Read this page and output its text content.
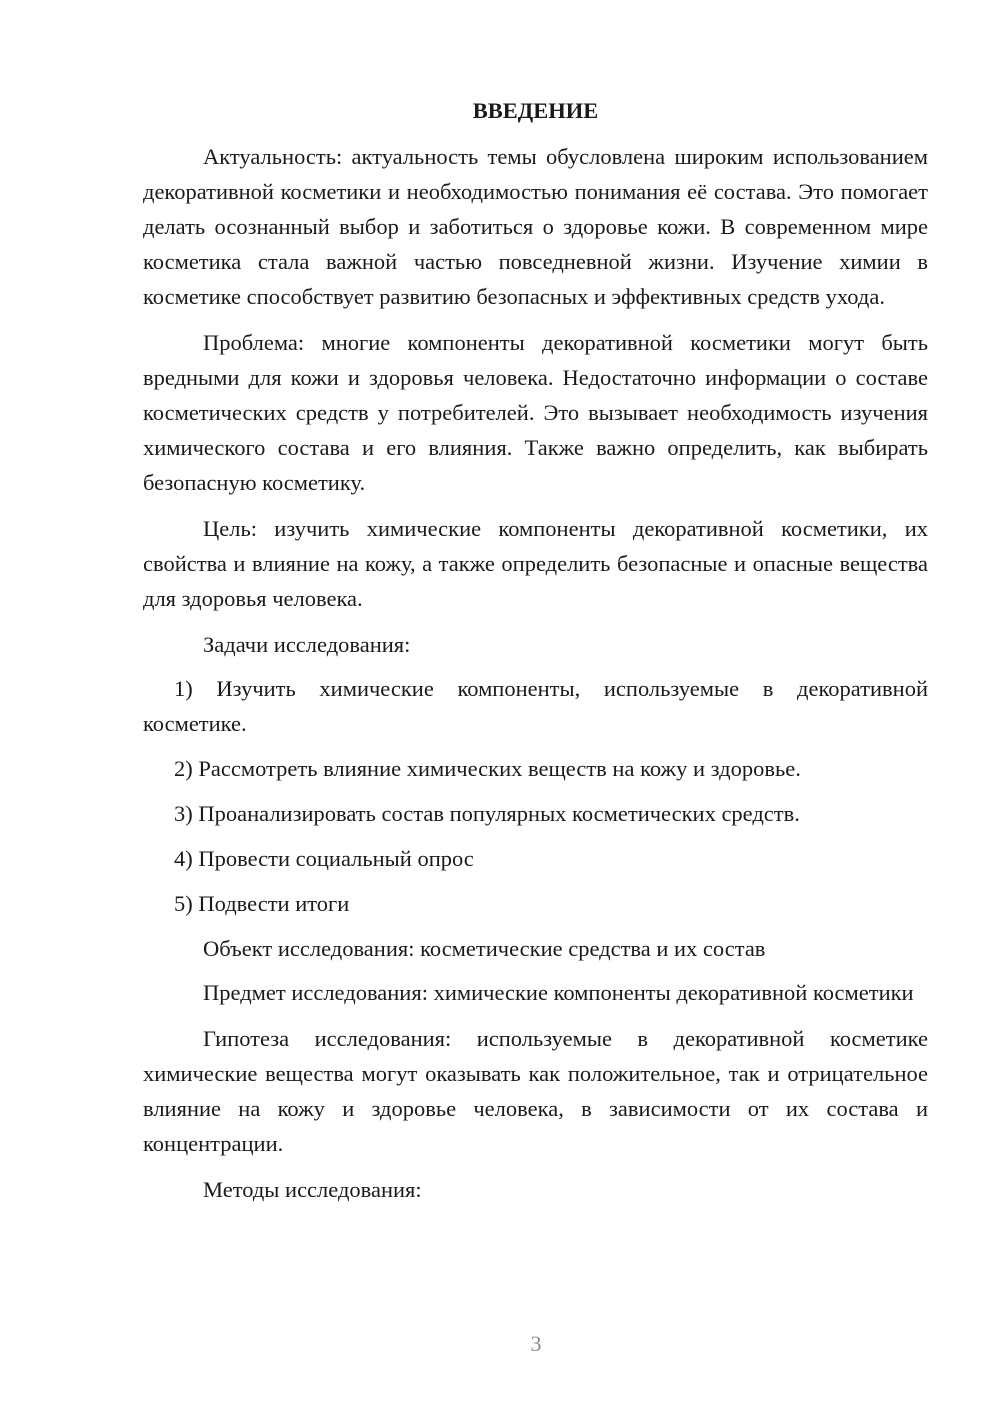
ВВЕДЕНИЕ

Актуальность: актуальность темы обусловлена широким использованием декоративной косметики и необходимостью понимания её состава. Это помогает делать осознанный выбор и заботиться о здоровье кожи. В современном мире косметика стала важной частью повседневной жизни. Изучение химии в косметике способствует развитию безопасных и эффективных средств ухода.

Проблема: многие компоненты декоративной косметики могут быть вредными для кожи и здоровья человека. Недостаточно информации о составе косметических средств у потребителей. Это вызывает необходимость изучения химического состава и его влияния. Также важно определить, как выбирать безопасную косметику.

Цель: изучить химические компоненты декоративной косметики, их свойства и влияние на кожу, а также определить безопасные и опасные вещества для здоровья человека.

Задачи исследования:

1) Изучить химические компоненты, используемые в декоративной косметике.

2) Рассмотреть влияние химических веществ на кожу и здоровье.

3) Проанализировать состав популярных косметических средств.

4) Провести социальный опрос

5) Подвести итоги

Объект исследования: косметические средства и их состав

Предмет исследования: химические компоненты декоративной косметики

Гипотеза исследования: используемые в декоративной косметике химические вещества могут оказывать как положительное, так и отрицательное влияние на кожу и здоровье человека, в зависимости от их состава и концентрации.

Методы исследования:

3
